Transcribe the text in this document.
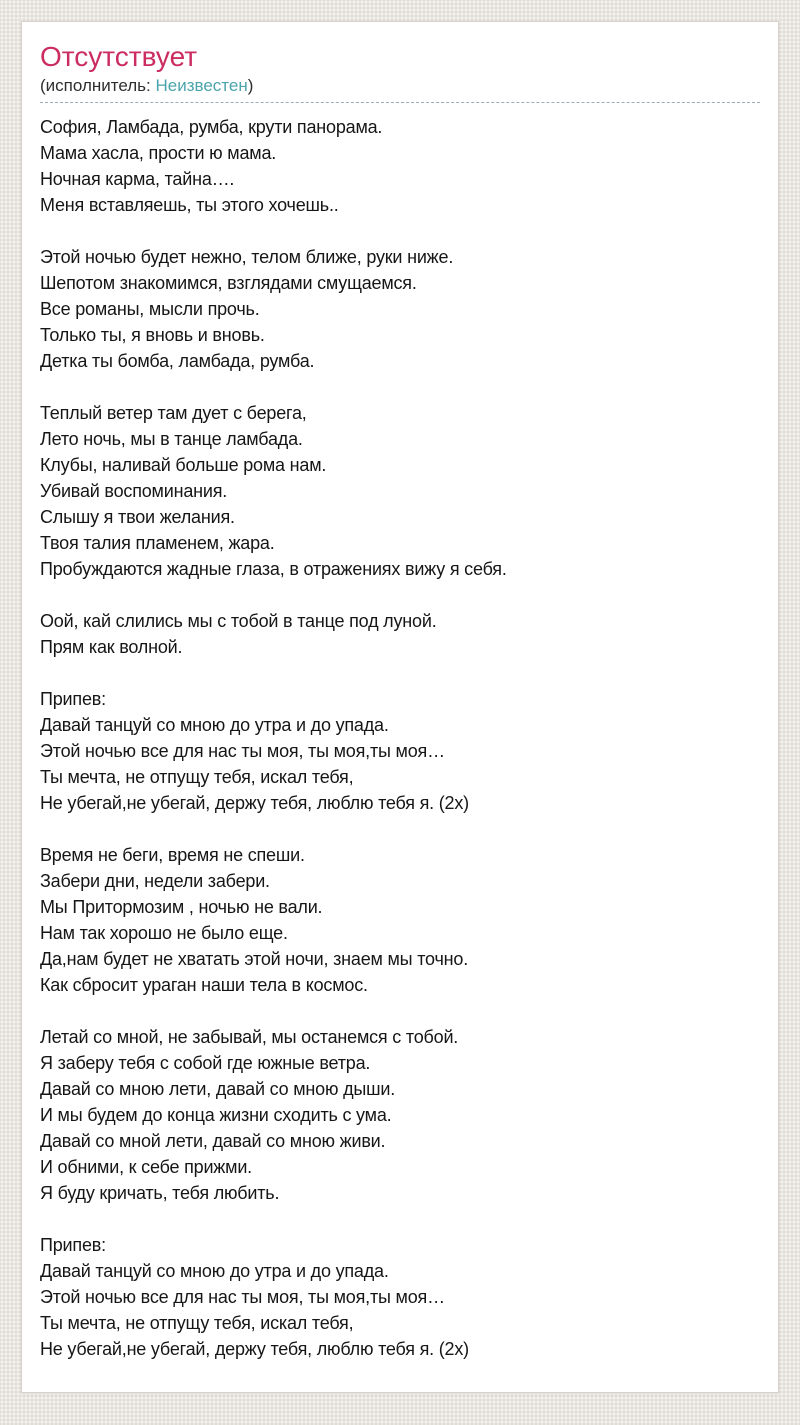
Отсутствует
(исполнитель: Неизвестен)
София, Ламбада, румба, крути панорама.
Мама хасла, прости ю мама.
Ночная карма, тайна….
Меня вставляешь, ты этого хочешь..
Этой ночью будет нежно, телом ближе, руки ниже.
Шепотом знакомимся, взглядами смущаемся.
Все романы, мысли прочь.
Только ты, я вновь и вновь.
Детка ты бомба, ламбада, румба.
Теплый ветер там дует с берега,
Лето ночь, мы в танце ламбада.
Клубы, наливай больше рома нам.
Убивай воспоминания.
Слышу я твои желания.
Твоя талия пламенем, жара.
Пробуждаются жадные глаза, в отражениях вижу я себя.
Оой, кай слились мы с тобой в танце под луной.
Прям как волной.
Припев:
Давай танцуй со мною до утра и до упада.
Этой ночью все для нас ты моя, ты моя,ты моя…
Ты мечта, не отпущу тебя, искал тебя,
Не убегай,не убегай, держу тебя, люблю тебя я. (2x)
Время не беги, время не спеши.
Забери дни, недели забери.
Мы Притормозим , ночью не вали.
Нам так хорошо не было еще.
Да,нам будет не хватать этой ночи, знаем мы точно.
Как сбросит ураган наши тела в космос.
Летай со мной, не забывай, мы останемся с тобой.
Я заберу тебя с собой где южные ветра.
Давай со мною лети, давай со мною дыши.
И мы будем до конца жизни сходить с ума.
Давай со мной лети, давай со мною живи.
И обними, к себе прижми.
Я буду кричать, тебя любить.
Припев:
Давай танцуй со мною до утра и до упада.
Этой ночью все для нас ты моя, ты моя,ты моя…
Ты мечта, не отпущу тебя, искал тебя,
Не убегай,не убегай, держу тебя, люблю тебя я. (2x)
